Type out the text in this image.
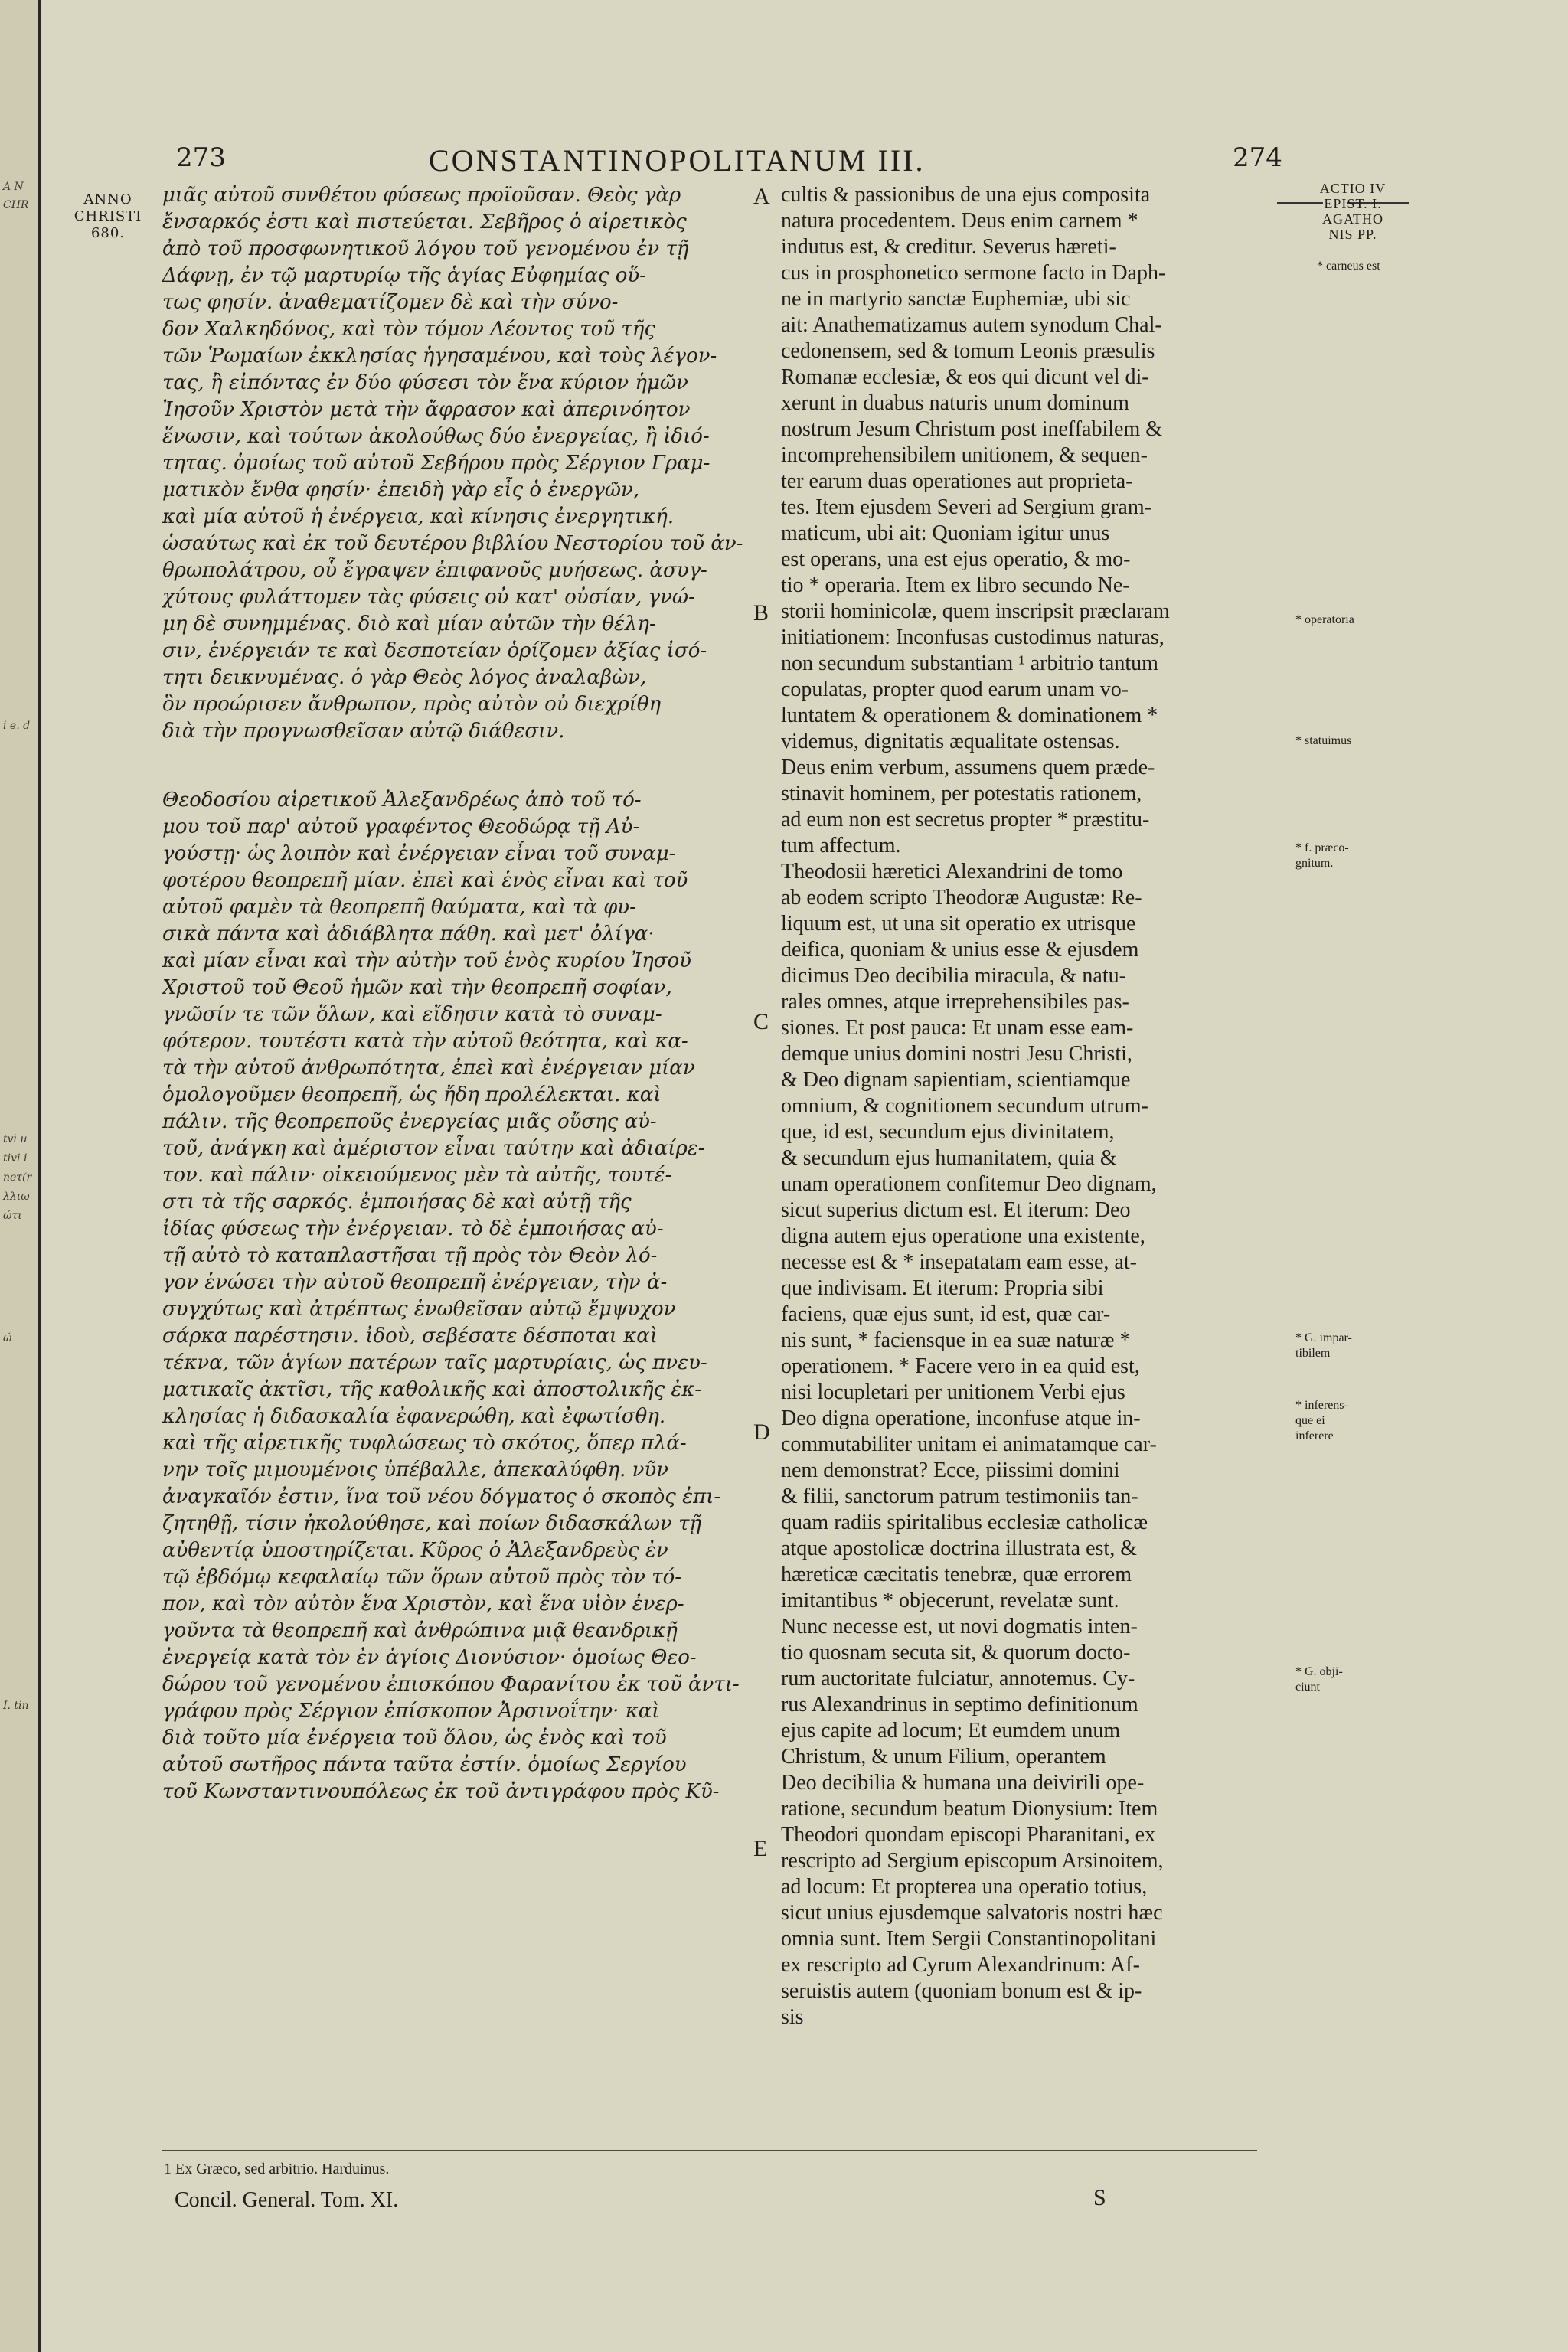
A N
CHR
i e. d
tvi u
tivi i
neτ(r
λλιω
ώτι
ώ
I. tin
273	CONSTANTINOPOLITANUM III.	274
ANNO
CHRISTI
680.
μιᾶς αὐτοῦ συνθέτου φύσεως προϊοῦσαν. Θεὸς γὰρ
ἔνσαρκός ἐστι καὶ πιστεύεται. Σεβῆρος ὁ αἱρετικὸς
ἀπὸ τοῦ προσφωνητικοῦ λόγου τοῦ γενομένου ἐν τῇ
Δάφνῃ, ἐν τῷ μαρτυρίῳ τῆς ἁγίας Εὐφημίας οὕ-
τως φησίν. ἀναθεματίζομεν δὲ καὶ τὴν σύνο-
δον Χαλκηδόνος, καὶ τὸν τόμον Λέοντος τοῦ τῆς
τῶν Ῥωμαίων ἐκκλησίας ἡγησαμένου, καὶ τοὺς λέγον-
τας, ἢ εἰπόντας ἐν δύο φύσεσι τὸν ἕνα κύριον ἡμῶν
Ἰησοῦν Χριστὸν μετὰ τὴν ἄφρασον καὶ ἀπερινόητον
ἕνωσιν, καὶ τούτων ἀκολούθως δύο ἐνεργείας, ἢ ἰδιό-
τητας. ὁμοίως τοῦ αὐτοῦ Σεβήρου πρὸς Σέργιον Γραμ-
ματικὸν ἔνθα φησίν· ἐπειδὴ γὰρ εἷς ὁ ἐνεργῶν,
καὶ μία αὐτοῦ ἡ ἐνέργεια, καὶ κίνησις ἐνεργητική.
ὡσαύτως καὶ ἐκ τοῦ δευτέρου βιβλίου Νεστορίου τοῦ ἀν-
θρωπολάτρου, οὗ ἔγραψεν ἐπιφανοῦς μυήσεως. ἀσυγ-
χύτους φυλάττομεν τὰς φύσεις οὐ κατ' οὐσίαν, γνώ-
μη δὲ συνημμένας. διὸ καὶ μίαν αὐτῶν τὴν θέλη-
σιν, ἐνέργειάν τε καὶ δεσποτείαν ὁρίζομεν ἀξίας ἰσό-
τητι δεικνυμένας. ὁ γὰρ Θεὸς λόγος ἀναλαβὼν,
ὃν προώρισεν ἄνθρωπον, πρὸς αὐτὸν οὐ διεχρίθη
διὰ τὴν προγνωσθεῖσαν αὐτῷ διάθεσιν.
Θεοδοσίου αἱρετικοῦ Ἀλεξανδρέως ἀπὸ τοῦ τό-
μου τοῦ παρ' αὐτοῦ γραφέντος Θεοδώρᾳ τῇ Αὐ-
γούστῃ· ὡς λοιπὸν καὶ ἐνέργειαν εἶναι τοῦ συναμ-
φοτέρου θεοπρεπῆ μίαν. ἐπεὶ καὶ ἑνὸς εἶναι καὶ τοῦ
αὐτοῦ φαμὲν τὰ θεοπρεπῆ θαύματα, καὶ τὰ φυ-
σικὰ πάντα καὶ ἀδιάβλητα πάθη. καὶ μετ' ὀλίγα·
καὶ μίαν εἶναι καὶ τὴν αὐτὴν τοῦ ἑνὸς κυρίου Ἰησοῦ
Χριστοῦ τοῦ Θεοῦ ἡμῶν καὶ τὴν θεοπρεπῆ σοφίαν,
γνῶσίν τε τῶν ὅλων, καὶ εἴδησιν κατὰ τὸ συναμ-
φότερον. τουτέστι κατὰ τὴν αὐτοῦ θεότητα, καὶ κα-
τὰ τὴν αὐτοῦ ἀνθρωπότητα, ἐπεὶ καὶ ἐνέργειαν μίαν
ὁμολογοῦμεν θεοπρεπῆ, ὡς ἤδη προλέλεκται. καὶ
πάλιν. τῆς θεοπρεποῦς ἐνεργείας μιᾶς οὔσης αὐ-
τοῦ, ἀνάγκη καὶ ἀμέριστον εἶναι ταύτην καὶ ἀδιαίρε-
τον. καὶ πάλιν· οἰκειούμενος μὲν τὰ αὐτῆς, τουτέ-
στι τὰ τῆς σαρκός. ἐμποιήσας δὲ καὶ αὐτῇ τῆς
ἰδίας φύσεως τὴν ἐνέργειαν. τὸ δὲ ἐμποιήσας αὐ-
τῇ αὐτὸ τὸ καταπλαστῆσαι τῇ πρὸς τὸν Θεὸν λό-
γον ἑνώσει τὴν αὐτοῦ θεοπρεπῆ ἐνέργειαν, τὴν ἀ-
συγχύτως καὶ ἀτρέπτως ἑνωθεῖσαν αὐτῷ ἔμψυχον
σάρκα παρέστησιν. ἰδοὺ, σεβέσατε δέσποται καὶ
τέκνα, τῶν ἁγίων πατέρων ταῖς μαρτυρίαις, ὡς πνευ-
ματικαῖς ἀκτῖσι, τῆς καθολικῆς καὶ ἀποστολικῆς ἐκ-
κλησίας ἡ διδασκαλία ἐφανερώθη, καὶ ἐφωτίσθη.
καὶ τῆς αἱρετικῆς τυφλώσεως τὸ σκότος, ὅπερ πλά-
νην τοῖς μιμουμένοις ὑπέβαλλε, ἀπεκαλύφθη. νῦν
ἀναγκαῖόν ἐστιν, ἵνα τοῦ νέου δόγματος ὁ σκοπὸς ἐπι-
ζητηθῇ, τίσιν ἠκολούθησε, καὶ ποίων διδασκάλων τῇ
αὐθεντίᾳ ὑποστηρίζεται. Κῦρος ὁ Ἀλεξανδρεὺς ἐν
τῷ ἑβδόμῳ κεφαλαίῳ τῶν ὅρων αὐτοῦ πρὸς τὸν τό-
πον, καὶ τὸν αὐτὸν ἕνα Χριστὸν, καὶ ἕνα υἱὸν ἐνερ-
γοῦντα τὰ θεοπρεπῆ καὶ ἀνθρώπινα μιᾷ θεανδρικῇ
ἐνεργείᾳ κατὰ τὸν ἐν ἁγίοις Διονύσιον· ὁμοίως Θεο-
δώρου τοῦ γενομένου ἐπισκόπου Φαρανίτου ἐκ τοῦ ἀντι-
γράφου πρὸς Σέργιον ἐπίσκοπον Ἀρσινοΐτην· καὶ
διὰ τοῦτο μία ἐνέργεια τοῦ ὅλου, ὡς ἑνὸς καὶ τοῦ
αὐτοῦ σωτῆρος πάντα ταῦτα ἐστίν. ὁμοίως Σεργίου
τοῦ Κωνσταντινουπόλεως ἐκ τοῦ ἀντιγράφου πρὸς Κῦ-
cultis & passionibus de una ejus composita
natura procedentem. Deus enim carnem *
indutus est, & creditur. Severus hæreti-
cus in prosphonetico sermone facto in Daph-
ne in martyrio sanctæ Euphemiæ, ubi sic
ait: Anathematizamus autem synodum Chal-
cedonensem, sed & tomum Leonis præsulis
Romanæ ecclesiæ, & eos qui dicunt vel di-
xerunt in duabus naturis unum dominum
nostrum Jesum Christum post ineffabilem &
incomprehensibilem unitionem, & sequen-
ter earum duas operationes aut proprieta-
tes. Item ejusdem Severi ad Sergium gram-
maticum, ubi ait: Quoniam igitur unus
est operans, una est ejus operatio, & mo-
tio * operaria. Item ex libro secundo Ne-
storii hominicolæ, quem inscripsit præclaram
initiationem: Inconfusas custodimus naturas,
non secundum substantiam ¹ arbitrio tantum
copulatas, propter quod earum unam vo-
luntatem & operationem & dominationem *
videmus, dignitatis æqualitate ostensas.
Deus enim verbum, assumens quem præde-
stinavit hominem, per potestatis rationem,
ad eum non est secretus propter * præstitu-
tum affectum.
Theodosii hæretici Alexandrini de tomo
ab eodem scripto Theodoræ Augustæ: Re-
liquum est, ut una sit operatio ex utrisque
deifica, quoniam & unius esse & ejusdem
dicimus Deo decibilia miracula, & natu-
rales omnes, atque irreprehensibiles pas-
siones. Et post pauca: Et unam esse eam-
demque unius domini nostri Jesu Christi,
& Deo dignam sapientiam, scientiamque
omnium, & cognitionem secundum utrum-
que, id est, secundum ejus divinitatem,
& secundum ejus humanitatem, quia &
unam operationem confitemur Deo dignam,
sicut superius dictum est. Et iterum: Deo
digna autem ejus operatione una existente,
necesse est & * insepatatam eam esse, at-
que indivisam. Et iterum: Propria sibi
faciens, quæ ejus sunt, id est, quæ car-
nis sunt, * faciensque in ea suæ naturæ *
operationem. * Facere vero in ea quid est,
nisi locupletari per unitionem Verbi ejus
Deo digna operatione, inconfuse atque in-
commutabiliter unitam ei animatamque car-
nem demonstrat? Ecce, piissimi domini
& filii, sanctorum patrum testimoniis tan-
quam radiis spiritalibus ecclesiæ catholicæ
atque apostolicæ doctrina illustrata est, &
hæreticæ cæcitatis tenebræ, quæ errorem
imitantibus * objecerunt, revelatæ sunt.
Nunc necesse est, ut novi dogmatis inten-
tio quosnam secuta sit, & quorum docto-
rum auctoritate fulciatur, annotemus. Cy-
rus Alexandrinus in septimo definitionum
ejus capite ad locum; Et eumdem unum
Christum, & unum Filium, operantem
Deo decibilia & humana una deivirili ope-
ratione, secundum beatum Dionysium: Item
Theodori quondam episcopi Pharanitani, ex
rescripto ad Sergium episcopum Arsinoitem,
ad locum: Et propterea una operatio totius,
sicut unius ejusdemque salvatoris nostri hæc
omnia sunt. Item Sergii Constantinopolitani
ex rescripto ad Cyrum Alexandrinum: Af-
seruistis autem (quoniam bonum est & ip-
sis
A
B
C
D
E
ACTIO IV
EPIST. I.
AGATHO
NIS PP.
* carneus est
* operatoria
* statuimus
* f. præco-gnitum.
* G. impar-tibilem
* inferens-que ei inferere
* G. obji-ciunt
1 Ex Græco, sed arbitrio. Harduinus.
Concil. General. Tom. XI.	S
